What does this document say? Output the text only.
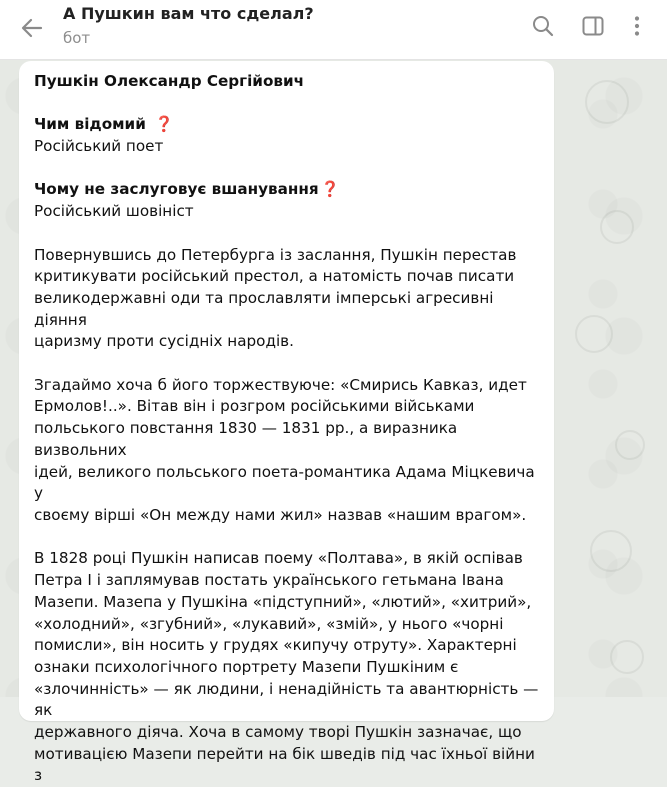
А Пушкин вам что сделал?
бот

Пушкін Олександр Сергійович

Чим відомий ❓

Російський поет

Чому не заслуговує вшанування ❓

Російський шовініст

Повернувшись до Петербурга із заслання, Пушкін перестав
критикувати російський престол, а натомість почав писати
великодержавні оди та прославляти імперські агресивні діяння
царизму проти сусідніх народів.

Згадаймо хоча б його торжествуюче: «Смирись Кавказ, идет
Ермолов!..». Вітав він і розгром російськими військами
польського повстання 1830 — 1831 рр., а виразника визвольних
ідей, великого польського поета-романтика Адама Міцкевича у
своєму вірші «Он между нами жил» назвав «нашим врагом».

В 1828 році Пушкін написав поему «Полтава», в якій оспівав
Петра І і заплямував постать українського гетьмана Івана
Мазепи. Мазепа у Пушкіна «підступний», «лютий», «хитрий»,
«холодний», «згубний», «лукавий», «змій», у нього «чорні
помисли», він носить у грудях «кипучу отруту». Характерні
ознаки психологічного портрету Мазепи Пушкіним є
«злочинність» — як людини, і ненадійність та авантюрність — як
державного діяча. Хоча в самому творі Пушкін зазначає, що
мотивацією Мазепи перейти на бік шведів під час їхньої війни з
